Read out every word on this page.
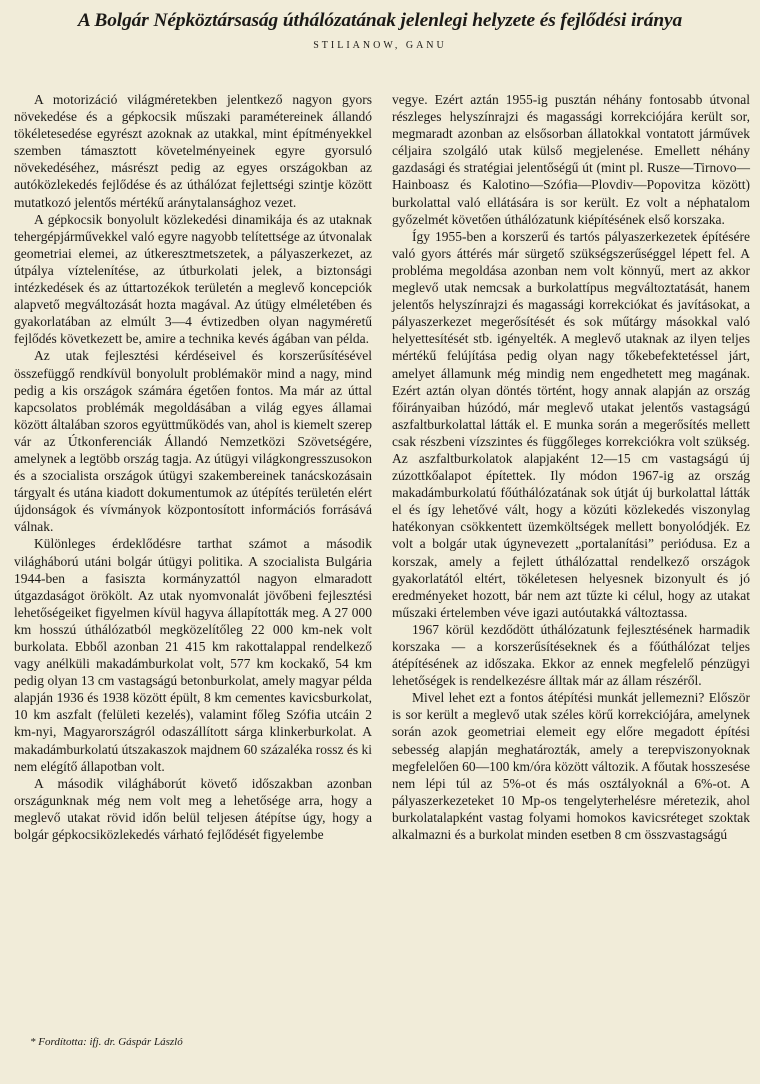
A Bolgár Népköztársaság úthálózatának jelenlegi helyzete és fejlődési iránya
STILIANOW, GANU

A motorizáció világméretekben jelentkező nagyon gyors növekedése és a gépkocsik műszaki paramétereinek állandó tökéletesedése egyrészt azoknak az utakkal, mint építményekkel szemben támasztott követelményeinek egyre gyorsuló növekedéséhez, másrészt pedig az egyes országokban az autóközlekedés fejlődése és az úthálózat fejlettségi szintje között mutatkozó jelentős mértékű aránytalansághoz vezet.

A gépkocsik bonyolult közlekedési dinamikája és az utaknak tehergépjárművekkel való egyre nagyobb telítettsége az útvonalak geometriai elemei, az útkeresztmetszetek, a pályaszerkezet, az útpálya víztelenítése, az útburkolati jelek, a biztonsági intézkedések és az úttartozékok területén a meglevő koncepciók alapvető megváltozását hozta magával. Az útügy elméletében és gyakorlatában az elmúlt 3—4 évtizedben olyan nagyméretű fejlődés következett be, amire a technika kevés ágában van példa.

Az utak fejlesztési kérdéseivel és korszerűsítésével összefüggő rendkívül bonyolult problémakör mind a nagy, mind pedig a kis országok számára égetően fontos. Ma már az úttal kapcsolatos problémák megoldásában a világ egyes államai között általában szoros együttműködés van, ahol is kiemelt szerep vár az Útkonferenciák Állandó Nemzetközi Szövetségére, amelynek a legtöbb ország tagja. Az útügyi világkongresszusokon és a szocialista országok útügyi szakembereinek tanácskozásain tárgyalt és utána kiadott dokumentumok az útépítés területén elért újdonságok és vívmányok központosított információs forrásává válnak.

Különleges érdeklődésre tarthat számot a második világháború utáni bolgár útügyi politika. A szocialista Bulgária 1944-ben a fasiszta kormányzattól nagyon elmaradott útgazdaságot örökölt. Az utak nyomvonalát jövőbeni fejlesztési lehetőségeiket figyelmen kívül hagyva állapították meg. A 27 000 km hosszú úthálózatból megközelítőleg 22 000 km-nek volt burkolata. Ebből azonban 21 415 km rakottalappal rendelkező vagy anélküli makadámburkolat volt, 577 km kockakő, 54 km pedig olyan 13 cm vastagságú betonburkolat, amely magyar példa alapján 1936 és 1938 között épült, 8 km cementes kavicsburkolat, 10 km aszfalt (felületi kezelés), valamint főleg Szófia utcáin 2 km-nyi, Magyarországról odaszállított sárga klinkerburkolat. A makadámburkolatú útszakaszok majdnem 60 százaléka rossz és ki nem elégítő állapotban volt.

A második világháborút követő időszakban azonban országunknak még nem volt meg a lehetősége arra, hogy a meglevő utakat rövid időn belül teljesen átépítse úgy, hogy a bolgár gépkocsiközlekedés várható fejlődését figyelembe

vegye. Ezért aztán 1955-ig pusztán néhány fontosabb útvonal részleges helyszínrajzi és magassági korrekciójára került sor, megmaradt azonban az elsősorban állatokkal vontatott járművek céljaira szolgáló utak külső megjelenése. Emellett néhány gazdasági és stratégiai jelentőségű út (mint pl. Rusze—Tirnovo—Hainboasz és Kalotino—Szófia—Plovdiv—Popovitza között) burkolattal való ellátására is sor került. Ez volt a néphatalom győzelmét követően úthálózatunk kiépítésének első korszaka.

Így 1955-ben a korszerű és tartós pályaszerkezetek építésére való gyors áttérés már sürgető szükségszerűséggel lépett fel. A probléma megoldása azonban nem volt könnyű, mert az akkor meglevő utak nemcsak a burkolattípus megváltoztatását, hanem jelentős helyszínrajzi és magassági korrekciókat és javításokat, a pályaszerkezet megerősítését és sok műtárgy másokkal való helyettesítését stb. igényelték. A meglevő utaknak az ilyen teljes mértékű felújítása pedig olyan nagy tőkebefektetéssel járt, amelyet államunk még mindig nem engedhetett meg magának. Ezért aztán olyan döntés történt, hogy annak alapján az ország főirányaiban húzódó, már meglevő utakat jelentős vastagságú aszfaltburkolattal látták el. E munka során a megerősítés mellett csak részbeni vízszintes és függőleges korrekciókra volt szükség. Az aszfaltburkolatok alapjaként 12—15 cm vastagságú új zúzottkőalapot építettek. Ily módon 1967-ig az ország makadámburkolatú főúthálózatának sok útját új burkolattal látták el és így lehetővé vált, hogy a közúti közlekedés viszonylag hatékonyan csökkentett üzemköltségek mellett bonyolódjék. Ez volt a bolgár utak úgynevezett „portalanítási” periódusa. Ez a korszak, amely a fejlett úthálózattal rendelkező országok gyakorlatától eltért, tökéletesen helyesnek bizonyult és jó eredményeket hozott, bár nem azt tűzte ki célul, hogy az utakat műszaki értelemben véve igazi autóutakká változtassa.

1967 körül kezdődött úthálózatunk fejlesztésének harmadik korszaka — a korszerűsítéseknek és a főúthálózat teljes átépítésének az időszaka. Ekkor az ennek megfelelő pénzügyi lehetőségek is rendelkezésre álltak már az állam részéről.

Mivel lehet ezt a fontos átépítési munkát jellemezni? Először is sor került a meglevő utak széles körű korrekciójára, amelynek során azok geometriai elemeit egy előre megadott építési sebesség alapján meghatározták, amely a terepviszonyoknak megfelelően 60—100 km/óra között változik. A főutak hosszesése nem lépi túl az 5%-ot és más osztályoknál a 6%-ot. A pályaszerkezeteket 10 Mp-os tengelyterhelésre méretezik, ahol burkolatalapként vastag folyami homokos kavicsréteget szoktak alkalmazni és a burkolat minden esetben 8 cm összvastagságú

* Fordította: ifj. dr. Gáspár László
